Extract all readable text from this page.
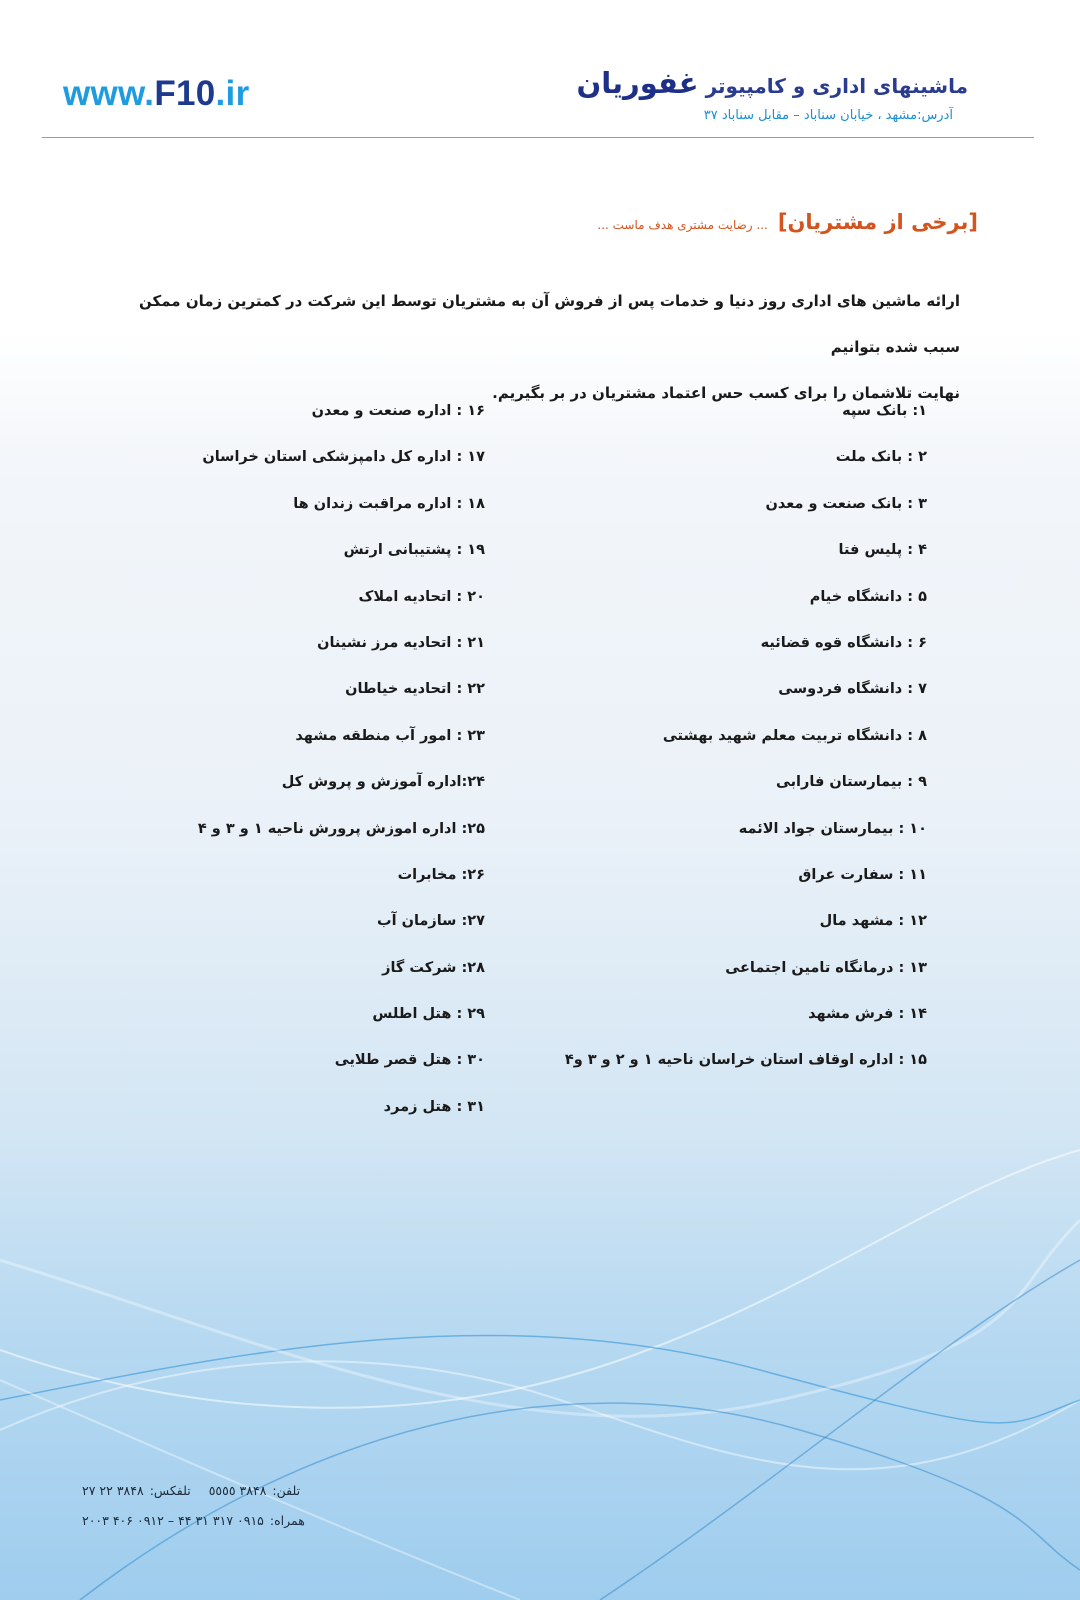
ماشینهای اداری و کامپیوتر غفوریان
آدرس:مشهد ، خیابان سناباد – مقابل سناباد ۳۷
www.F10.ir
[برخی از مشتریان]
... رضایت مشتری هدف ماست ...
ارائه ماشین های اداری روز دنیا و خدمات پس از فروش آن به مشتریان توسط این شرکت در کمترین زمان ممکن سبب شده بتوانیم
نهایت تلاشمان را برای کسب حس اعتماد مشتریان در بر بگیریم.
۱: بانک سپه
۲ : بانک ملت
۳ : بانک صنعت و معدن
۴ : پلیس فتا
۵ : دانشگاه خیام
۶ : دانشگاه قوه قضائیه
۷ : دانشگاه فردوسی
۸ : دانشگاه تربیت معلم شهید بهشتی
۹ : بیمارستان فارابی
۱۰ : بیمارستان جواد الائمه
۱۱ : سفارت عراق
۱۲ : مشهد مال
۱۳ : درمانگاه تامین اجتماعی
۱۴ : فرش مشهد
۱۵ : اداره اوقاف استان خراسان ناحیه ۱ و ۲ و ۳ و۴
۱۶ : اداره صنعت و معدن
۱۷ : اداره کل دامپزشکی استان خراسان
۱۸ : اداره مراقبت زندان ها
۱۹ : پشتیبانی ارتش
۲۰ : اتحادیه املاک
۲۱ : اتحادیه مرز نشینان
۲۲ : اتحادیه خیاطان
۲۳ : امور آب منطقه مشهد
۲۴:اداره آموزش و پروش کل
۲۵: اداره اموزش پرورش ناحیه ۱ و ۳ و ۴
۲۶: مخابرات
۲۷: سازمان آب
۲۸: شرکت گاز
۲۹ : هتل اطلس
۳۰ : هتل قصر طلایی
۳۱ : هتل زمرد
تلفن:۳۸۴۸ ٥٥٥٥تلفکس:۳۸۴۸ ۲۲ ۲۷
همراه:۰۹۱۵ ۳۱۷ ۳۱ ۴۴ – ۰۹۱۲ ۴۰۶ ۲۰۰۳
